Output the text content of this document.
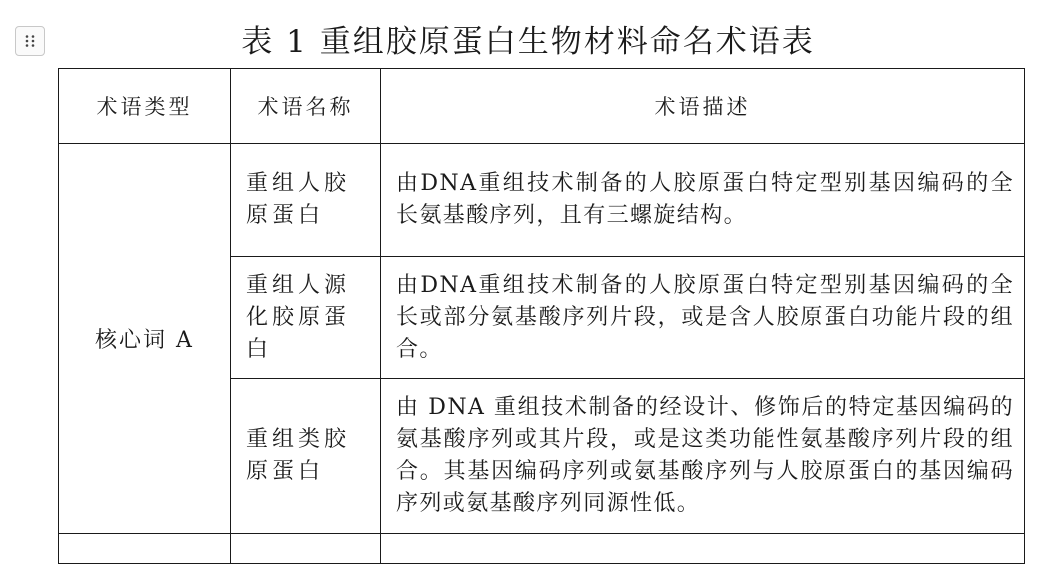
表 1 重组胶原蛋白生物材料命名术语表
术语类型	术语名称	术语描述
核心词 A	重组人胶原蛋白	由DNA重组技术制备的人胶原蛋白特定型别基因编码的全长氨基酸序列，且有三螺旋结构。
	重组人源化胶原蛋白	由DNA重组技术制备的人胶原蛋白特定型别基因编码的全长或部分氨基酸序列片段，或是含人胶原蛋白功能片段的组合。
	重组类胶原蛋白	由 DNA 重组技术制备的经设计、修饰后的特定基因编码的氨基酸序列或其片段，或是这类功能性氨基酸序列片段的组合。其基因编码序列或氨基酸序列与人胶原蛋白的基因编码序列或氨基酸序列同源性低。
